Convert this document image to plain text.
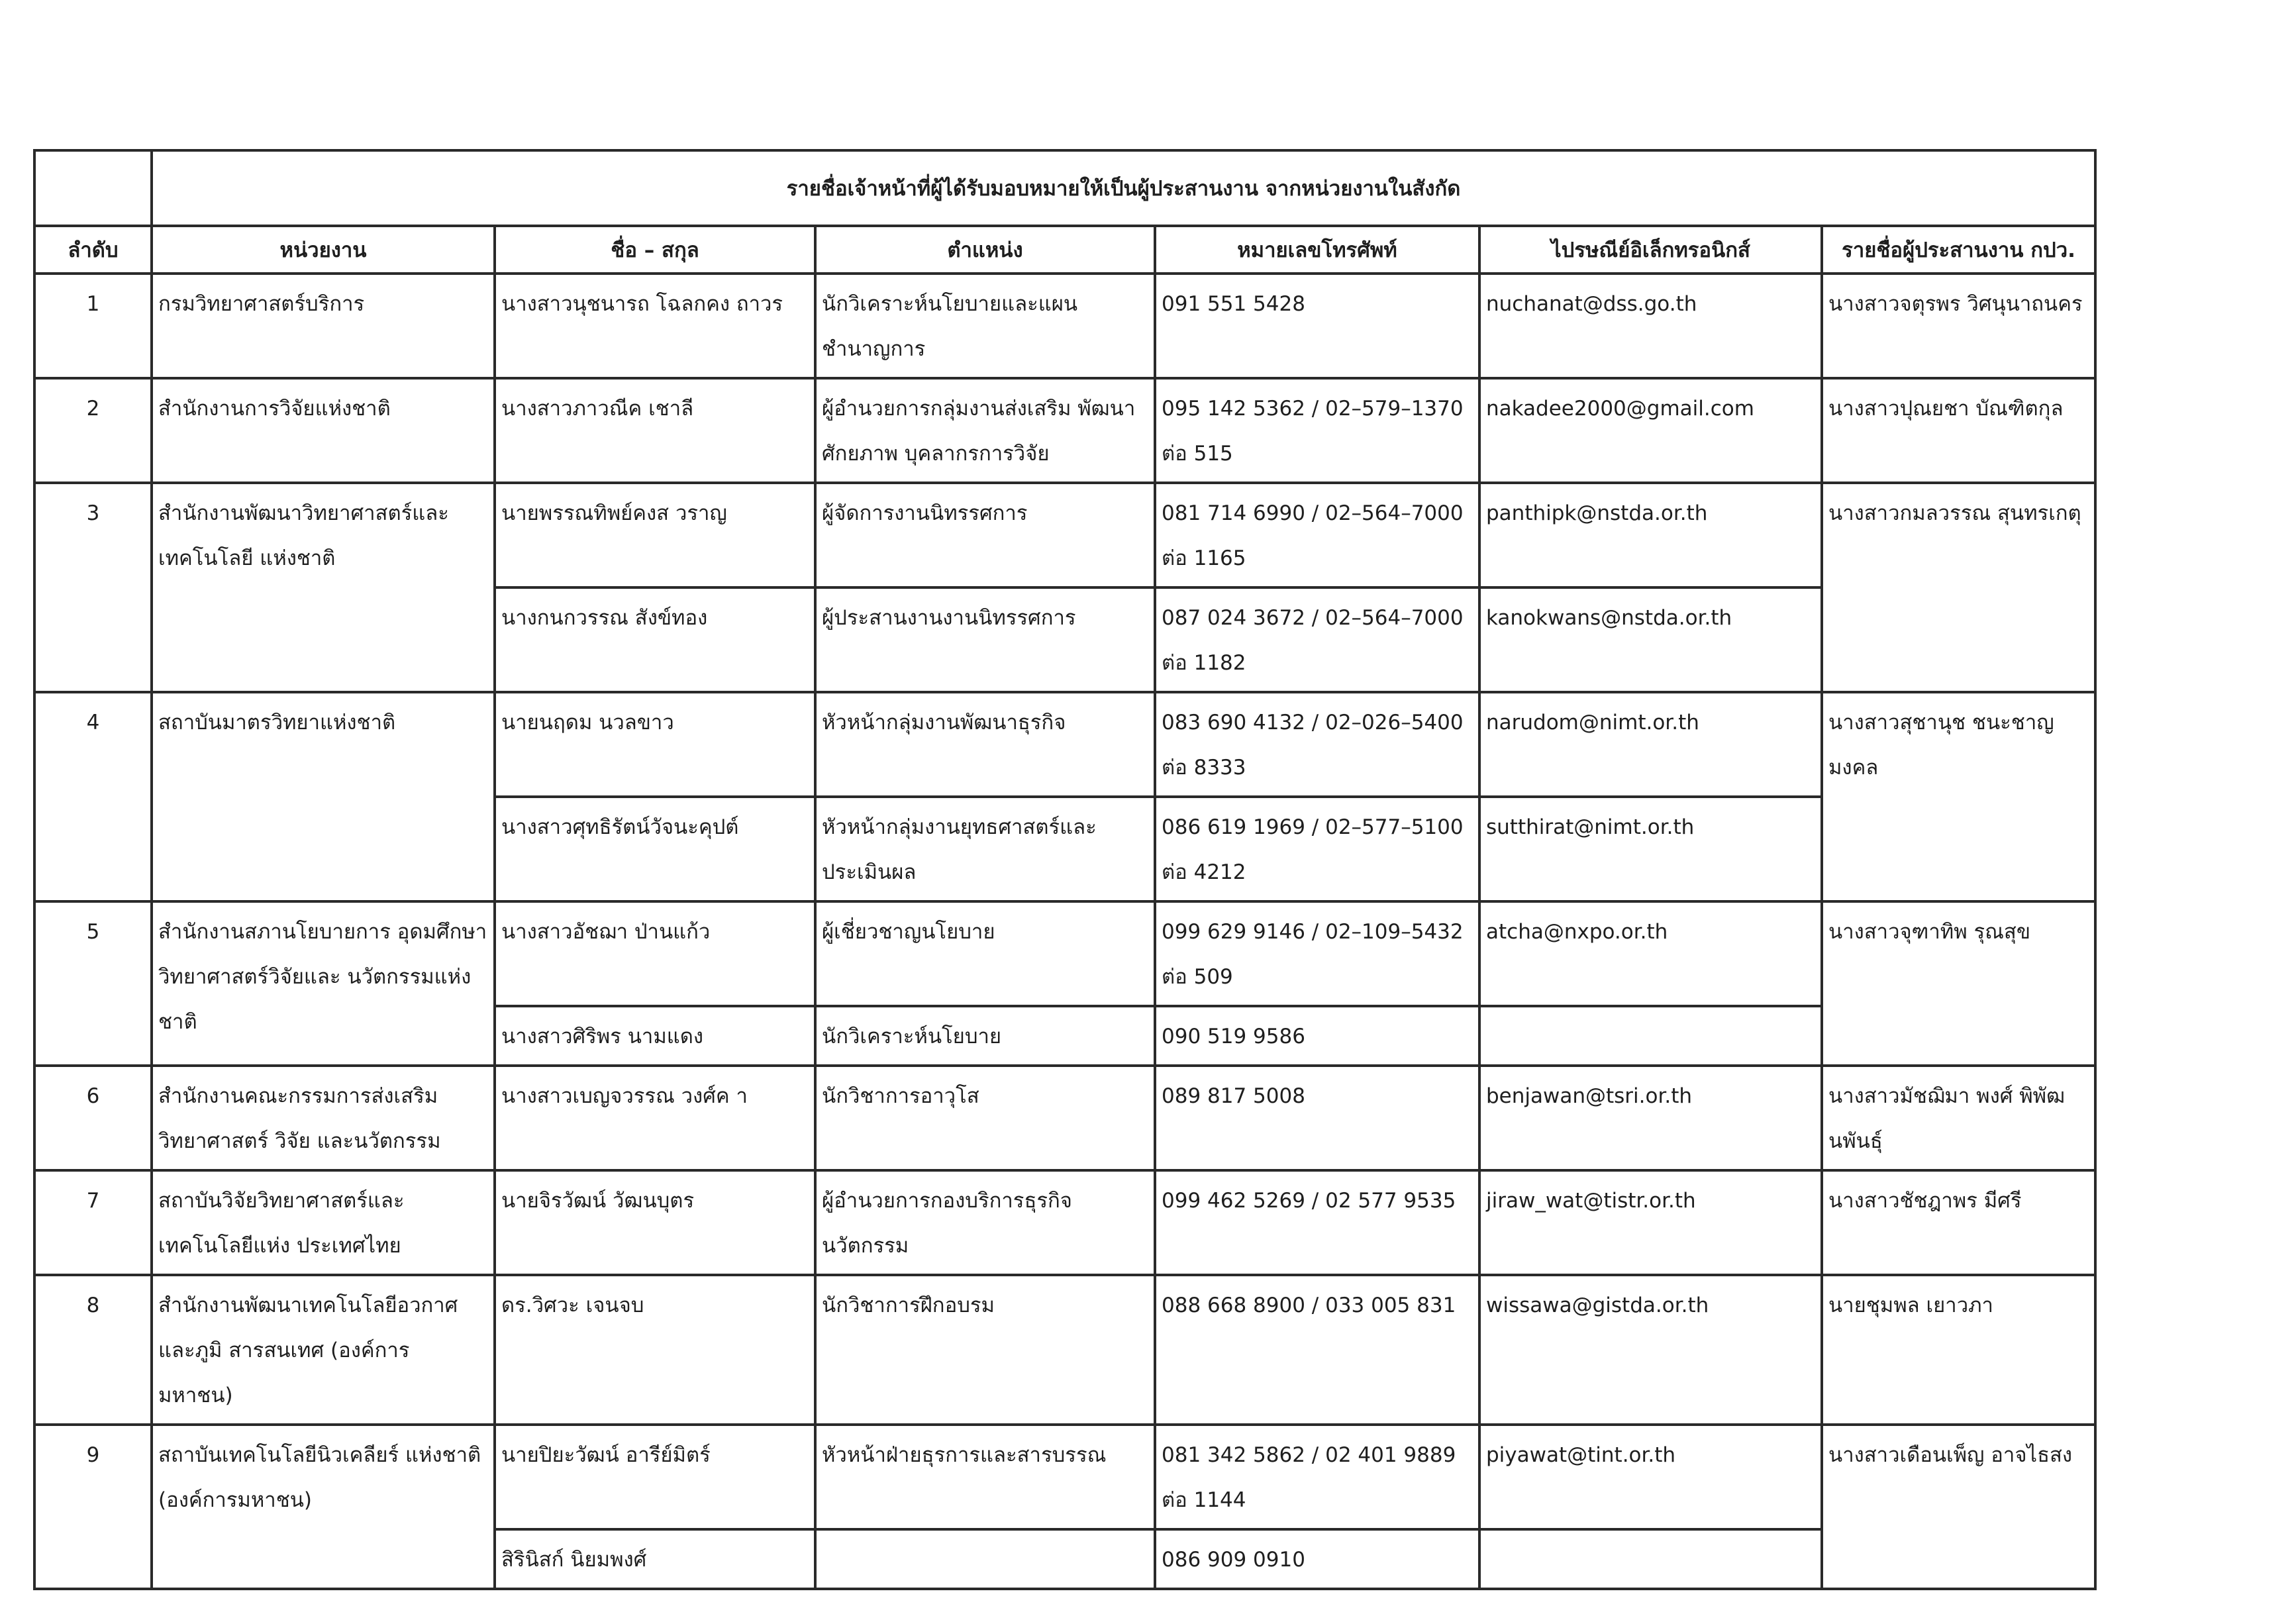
	รายชื่อเจ้าหน้าที่ผู้ได้รับมอบหมายให้เป็นผู้ประสานงาน จากหน่วยงานในสังกัด					
ลำดับ	หน่วยงาน	ชื่อ – สกุล	ตำแหน่ง	หมายเลขโทรศัพท์	ไปรษณีย์อิเล็กทรอนิกส์	รายชื่อผู้ประสานงาน กปว.
1	กรมวิทยาศาสตร์บริการ	นางสาวนุชนารถ โฉลกคง ถาวร	นักวิเคราะห์นโยบายและแผน ชำนาญการ	091 551 5428	nuchanat@dss.go.th	นางสาวจตุรพร วิศนุนาถนคร
2	สำนักงานการวิจัยแห่งชาติ	นางสาวภาวณีค เชาลี	ผู้อำนวยการกลุ่มงานส่งเสริม พัฒนาศักยภาพ บุคลากรการวิจัย	095 142 5362 / 02–579–1370 ต่อ 515	nakadee2000@gmail.com	นางสาวปุณยชา บัณฑิตกุล
3	สำนักงานพัฒนาวิทยาศาสตร์และ เทคโนโลยี แห่งชาติ	นายพรรณทิพย์คงส วราญ	ผู้จัดการงานนิทรรศการ	081 714 6990 / 02–564–7000 ต่อ 1165	panthipk@nstda.or.th	นางสาวกมลวรรณ สุนทรเกตุ
		นางกนกวรรณ สังข์ทอง	ผู้ประสานงานงานนิทรรศการ	087 024 3672 / 02–564–7000 ต่อ 1182	kanokwans@nstda.or.th	
4	สถาบันมาตรวิทยาแห่งชาติ	นายนฤดม นวลขาว	หัวหน้ากลุ่มงานพัฒนาธุรกิจ	083 690 4132 / 02–026–5400 ต่อ 8333	narudom@nimt.or.th	นางสาวสุชานุช ชนะชาญ มงคล
		นางสาวศุทธิรัตน์วัจนะคุปต์	หัวหน้ากลุ่มงานยุทธศาสตร์และ ประเมินผล	086 619 1969 / 02–577–5100 ต่อ 4212	sutthirat@nimt.or.th	
5	สำนักงานสภานโยบายการ อุดมศึกษา วิทยาศาสตร์วิจัยและ นวัตกรรมแห่งชาติ	นางสาวอัชฌา ป่านแก้ว	ผู้เชี่ยวชาญนโยบาย	099 629 9146 / 02–109–5432 ต่อ 509	atcha@nxpo.or.th	นางสาวจุฑาทิพ รุณสุข
		นางสาวศิริพร นามแดง	นักวิเคราะห์นโยบาย	090 519 9586		
6	สำนักงานคณะกรรมการส่งเสริม วิทยาศาสตร์ วิจัย และนวัตกรรม	นางสาวเบญจวรรณ วงศ์ค า	นักวิชาการอาวุโส	089 817 5008	benjawan@tsri.or.th	นางสาวมัชฌิมา พงศ์ พิพัฒนพันธุ์
7	สถาบันวิจัยวิทยาศาสตร์และ เทคโนโลยีแห่ง ประเทศไทย	นายจิรวัฒน์ วัฒนบุตร	ผู้อำนวยการกองบริการธุรกิจ นวัตกรรม	099 462 5269 / 02 577 9535	jiraw_wat@tistr.or.th	นางสาวชัชฎาพร มีศรี
8	สำนักงานพัฒนาเทคโนโลยีอวกาศ และภูมิ สารสนเทศ (องค์การ มหาชน)	ดร.วิศวะ เจนจบ	นักวิชาการฝึกอบรม	088 668 8900 / 033 005 831	wissawa@gistda.or.th	นายชุมพล เยาวภา
9	สถาบันเทคโนโลยีนิวเคลียร์ แห่งชาติ (องค์การมหาชน)	นายปิยะวัฒน์ อารีย์มิตร์	หัวหน้าฝ่ายธุรการและสารบรรณ	081 342 5862 / 02 401 9889 ต่อ 1144	piyawat@tint.or.th	นางสาวเดือนเพ็ญ อาจไธสง
		สิรินิสก์ นิยมพงศ์		086 909 0910		
